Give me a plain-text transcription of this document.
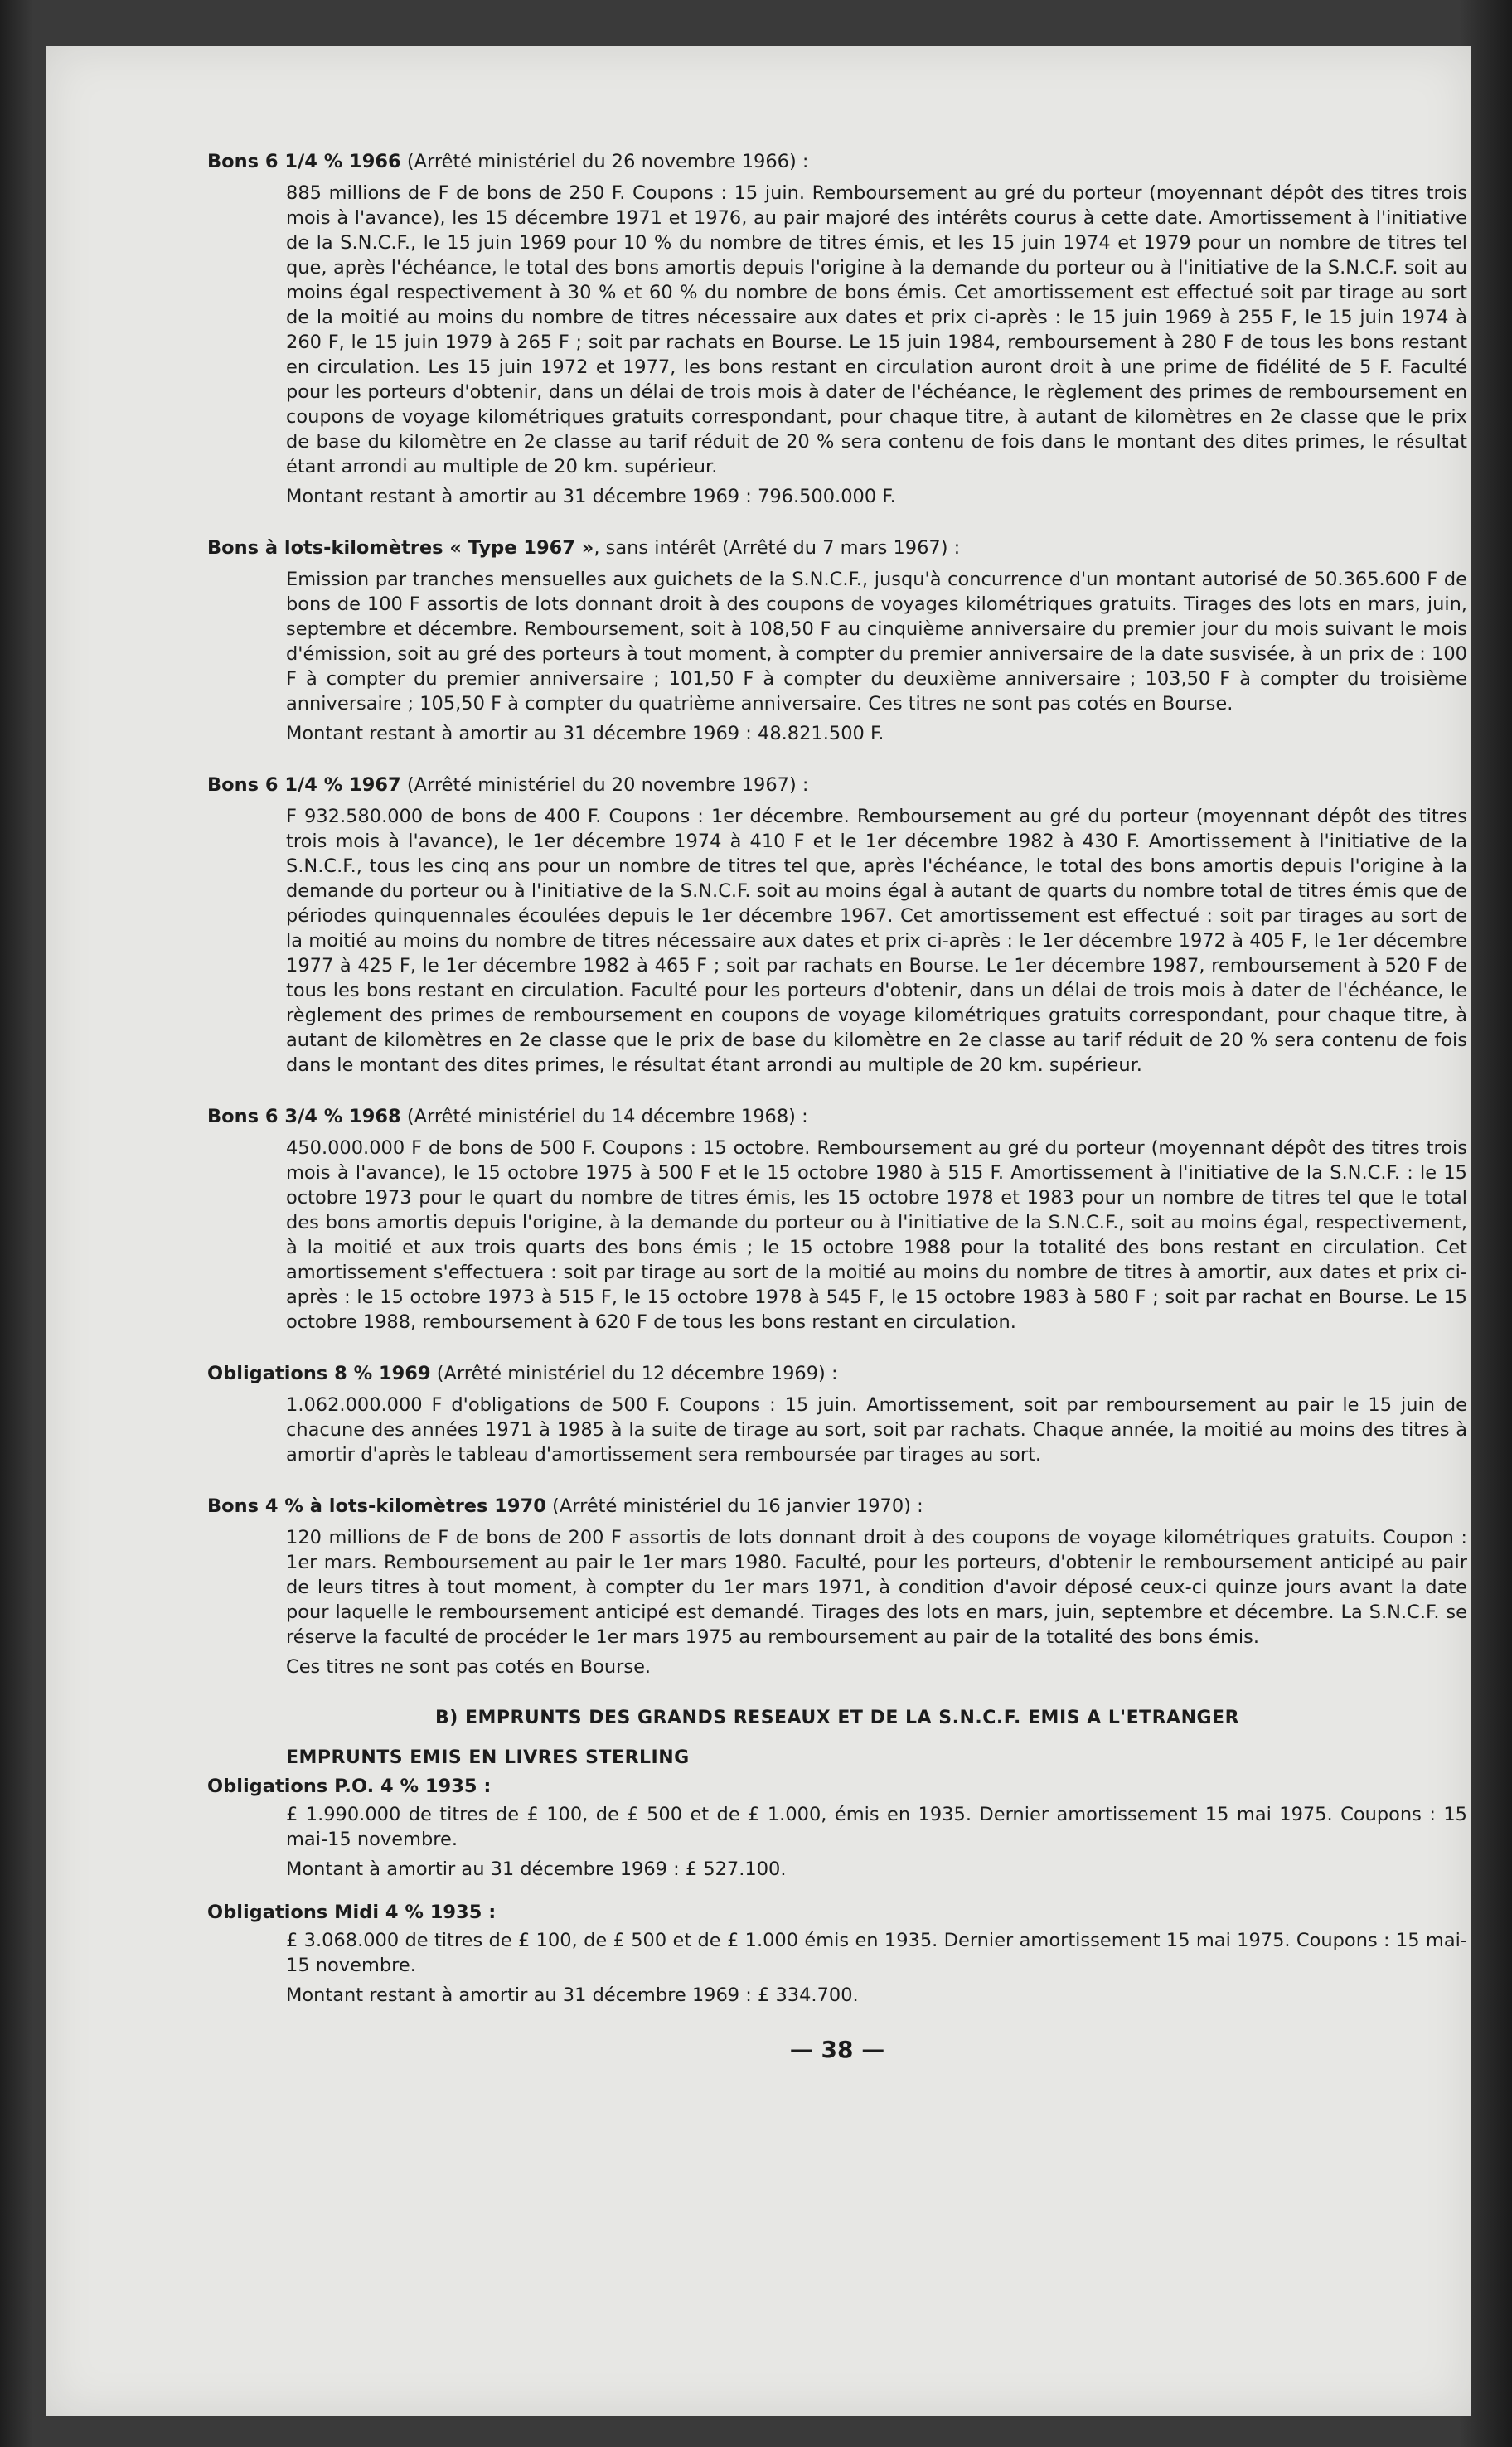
Bons 6 1/4 % 1966 (Arrêté ministériel du 26 novembre 1966) :

885 millions de F de bons de 250 F. Coupons : 15 juin. Remboursement au gré du porteur (moyennant dépôt des titres trois mois à l'avance), les 15 décembre 1971 et 1976, au pair majoré des intérêts courus à cette date. Amortissement à l'initiative de la S.N.C.F., le 15 juin 1969 pour 10 % du nombre de titres émis, et les 15 juin 1974 et 1979 pour un nombre de titres tel que, après l'échéance, le total des bons amortis depuis l'origine à la demande du porteur ou à l'initiative de la S.N.C.F. soit au moins égal respectivement à 30 % et 60 % du nombre de bons émis. Cet amortissement est effectué soit par tirage au sort de la moitié au moins du nombre de titres nécessaire aux dates et prix ci-après : le 15 juin 1969 à 255 F, le 15 juin 1974 à 260 F, le 15 juin 1979 à 265 F ; soit par rachats en Bourse. Le 15 juin 1984, remboursement à 280 F de tous les bons restant en circulation. Les 15 juin 1972 et 1977, les bons restant en circulation auront droit à une prime de fidélité de 5 F. Faculté pour les porteurs d'obtenir, dans un délai de trois mois à dater de l'échéance, le règlement des primes de remboursement en coupons de voyage kilométriques gratuits correspondant, pour chaque titre, à autant de kilomètres en 2e classe que le prix de base du kilomètre en 2e classe au tarif réduit de 20 % sera contenu de fois dans le montant des dites primes, le résultat étant arrondi au multiple de 20 km. supérieur.

Montant restant à amortir au 31 décembre 1969 : 796.500.000 F.

Bons à lots-kilomètres « Type 1967 », sans intérêt (Arrêté du 7 mars 1967) :

Emission par tranches mensuelles aux guichets de la S.N.C.F., jusqu'à concurrence d'un montant autorisé de 50.365.600 F de bons de 100 F assortis de lots donnant droit à des coupons de voyages kilométriques gratuits. Tirages des lots en mars, juin, septembre et décembre. Remboursement, soit à 108,50 F au cinquième anniversaire du premier jour du mois suivant le mois d'émission, soit au gré des porteurs à tout moment, à compter du premier anniversaire de la date susvisée, à un prix de : 100 F à compter du premier anniversaire ; 101,50 F à compter du deuxième anniversaire ; 103,50 F à compter du troisième anniversaire ; 105,50 F à compter du quatrième anniversaire. Ces titres ne sont pas cotés en Bourse.

Montant restant à amortir au 31 décembre 1969 : 48.821.500 F.

Bons 6 1/4 % 1967 (Arrêté ministériel du 20 novembre 1967) :

F 932.580.000 de bons de 400 F. Coupons : 1er décembre. Remboursement au gré du porteur (moyennant dépôt des titres trois mois à l'avance), le 1er décembre 1974 à 410 F et le 1er décembre 1982 à 430 F. Amortissement à l'initiative de la S.N.C.F., tous les cinq ans pour un nombre de titres tel que, après l'échéance, le total des bons amortis depuis l'origine à la demande du porteur ou à l'initiative de la S.N.C.F. soit au moins égal à autant de quarts du nombre total de titres émis que de périodes quinquennales écoulées depuis le 1er décembre 1967. Cet amortissement est effectué : soit par tirages au sort de la moitié au moins du nombre de titres nécessaire aux dates et prix ci-après : le 1er décembre 1972 à 405 F, le 1er décembre 1977 à 425 F, le 1er décembre 1982 à 465 F ; soit par rachats en Bourse. Le 1er décembre 1987, remboursement à 520 F de tous les bons restant en circulation. Faculté pour les porteurs d'obtenir, dans un délai de trois mois à dater de l'échéance, le règlement des primes de remboursement en coupons de voyage kilométriques gratuits correspondant, pour chaque titre, à autant de kilomètres en 2e classe que le prix de base du kilomètre en 2e classe au tarif réduit de 20 % sera contenu de fois dans le montant des dites primes, le résultat étant arrondi au multiple de 20 km. supérieur.

Bons 6 3/4 % 1968 (Arrêté ministériel du 14 décembre 1968) :

450.000.000 F de bons de 500 F. Coupons : 15 octobre. Remboursement au gré du porteur (moyennant dépôt des titres trois mois à l'avance), le 15 octobre 1975 à 500 F et le 15 octobre 1980 à 515 F. Amortissement à l'initiative de la S.N.C.F. : le 15 octobre 1973 pour le quart du nombre de titres émis, les 15 octobre 1978 et 1983 pour un nombre de titres tel que le total des bons amortis depuis l'origine, à la demande du porteur ou à l'initiative de la S.N.C.F., soit au moins égal, respectivement, à la moitié et aux trois quarts des bons émis ; le 15 octobre 1988 pour la totalité des bons restant en circulation. Cet amortissement s'effectuera : soit par tirage au sort de la moitié au moins du nombre de titres à amortir, aux dates et prix ci-après : le 15 octobre 1973 à 515 F, le 15 octobre 1978 à 545 F, le 15 octobre 1983 à 580 F ; soit par rachat en Bourse. Le 15 octobre 1988, remboursement à 620 F de tous les bons restant en circulation.

Obligations 8 % 1969 (Arrêté ministériel du 12 décembre 1969) :

1.062.000.000 F d'obligations de 500 F. Coupons : 15 juin. Amortissement, soit par remboursement au pair le 15 juin de chacune des années 1971 à 1985 à la suite de tirage au sort, soit par rachats. Chaque année, la moitié au moins des titres à amortir d'après le tableau d'amortissement sera remboursée par tirages au sort.

Bons 4 % à lots-kilomètres 1970 (Arrêté ministériel du 16 janvier 1970) :

120 millions de F de bons de 200 F assortis de lots donnant droit à des coupons de voyage kilométriques gratuits. Coupon : 1er mars. Remboursement au pair le 1er mars 1980. Faculté, pour les porteurs, d'obtenir le remboursement anticipé au pair de leurs titres à tout moment, à compter du 1er mars 1971, à condition d'avoir déposé ceux-ci quinze jours avant la date pour laquelle le remboursement anticipé est demandé. Tirages des lots en mars, juin, septembre et décembre. La S.N.C.F. se réserve la faculté de procéder le 1er mars 1975 au remboursement au pair de la totalité des bons émis.

Ces titres ne sont pas cotés en Bourse.

B) EMPRUNTS DES GRANDS RESEAUX ET DE LA S.N.C.F. EMIS A L'ETRANGER
EMPRUNTS EMIS EN LIVRES STERLING
Obligations P.O. 4 % 1935 :

£ 1.990.000 de titres de £ 100, de £ 500 et de £ 1.000, émis en 1935. Dernier amortissement 15 mai 1975. Coupons : 15 mai-15 novembre.

Montant à amortir au 31 décembre 1969 : £ 527.100.

Obligations Midi 4 % 1935 :

£ 3.068.000 de titres de £ 100, de £ 500 et de £ 1.000 émis en 1935. Dernier amortissement 15 mai 1975. Coupons : 15 mai-15 novembre.

Montant restant à amortir au 31 décembre 1969 : £ 334.700.

— 38 —
